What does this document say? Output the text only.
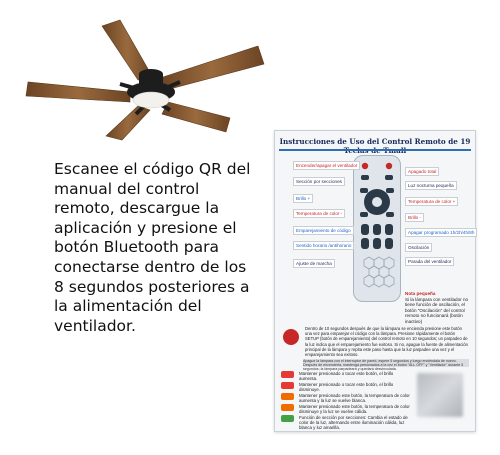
Escanee el código QR del manual del control remoto, descargue la aplicación y presione el botón Bluetooth para conectarse dentro de los 8 segundos posteriores a la alimentación del ventilador.
Instrucciones de Uso del Control Remoto de 19
Encender/apagar el ventilador
Sección por secciones
Brillo +
Temperatura de color -
Emparejamiento de código
Sentido horario /antihorario
Ajuste de marcha
Apagado total
Luz nocturna pequeña
Temperatura de color +
Brillo -
Apagar programado 1h/2h/4h/8h
Oscilación
Parada del ventilador
Nota pequeña
Si la lámpara con ventilador no tiene función de oscilación, el botón "Oscilación" del control remoto no funcionará (botón inactivo)
Dentro de 10 segundos después de que la lámpara se encienda presione este botón una vez para emparejar el código con la lámpara. Presione rápidamente el botón SETUP (botón de emparejamiento) del control remoto en 10 segundos; un parpadeo de la luz indica que el emparejamiento fue exitoso. Si no, apague la fuente de alimentación principal de la lámpara y repita este paso hasta que la luz parpadee una vez y el emparejamiento sea exitoso.
Apague la lámpara con el interruptor de pared, espere 5 segundos y luego enciéndala de nuevo. Después de encenderla, mantenga presionados a la vez el botón "ALL OFF" y "Ventilador" durante 5 segundos; la lámpara parpadeará y quedará desvinculada.
Mantener presionado o tocar este botón, el brillo aumenta.
Mantener presionado o tocar este botón, el brillo disminuye.
Mantener presionado este botón, la temperatura de color aumenta y la luz se vuelve blanca.
Mantener presionado este botón, la temperatura de color disminuye y la luz se vuelve cálida.
Función de sección por secciones: Cambia el estado de color de la luz, alternando entre iluminación cálida, luz blanca y luz amarilla.
